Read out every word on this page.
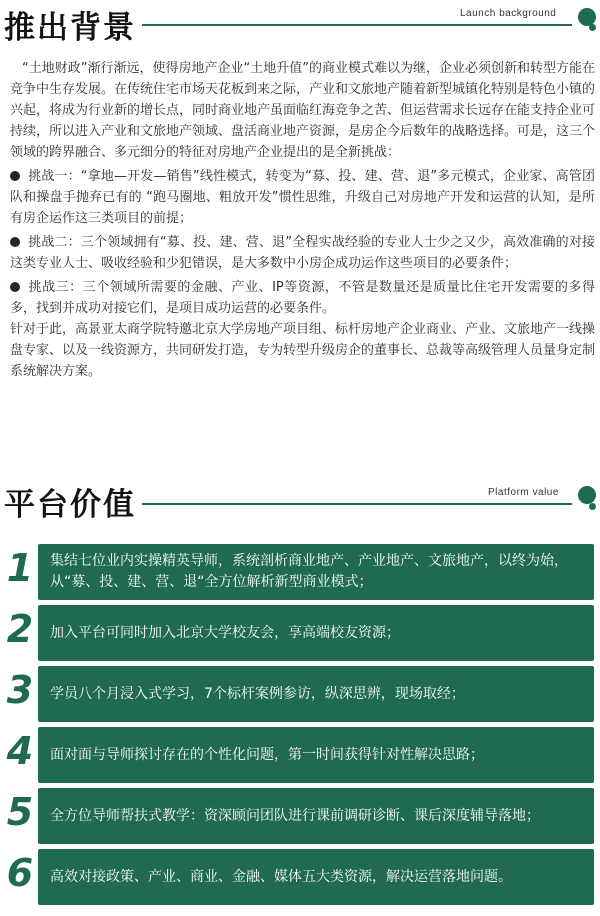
推出背景	Launch background

“土地财政”渐行渐远，使得房地产企业“土地升值”的商业模式难以为继，企业必须创新和转型方能在竞争中生存发展。在传统住宅市场天花板到来之际，产业和文旅地产随着新型城镇化特别是特色小镇的兴起，将成为行业新的增长点，同时商业地产虽面临红海竞争之苦、但运营需求长远存在能支持企业可持续，所以进入产业和文旅地产领域、盘活商业地产资源，是房企今后数年的战略选择。可是，这三个领域的跨界融合、多元细分的特征对房地产企业提出的是全新挑战：

挑战一：“拿地—开发—销售”线性模式，转变为“募、投、建、营、退”多元模式，企业家、高管团队和操盘手抛弃已有的 “跑马圈地、粗放开发”惯性思维，升级自己对房地产开发和运营的认知，是所有房企运作这三类项目的前提；

挑战二：三个领域拥有“募、投、建、营、退”全程实战经验的专业人士少之又少，高效准确的对接这类专业人士、吸收经验和少犯错误，是大多数中小房企成功运作这些项目的必要条件；

挑战三：三个领域所需要的金融、产业、IP等资源，不管是数量还是质量比住宅开发需要的多得多，找到并成功对接它们，是项目成功运营的必要条件。

针对于此，高景亚太商学院特邀北京大学房地产项目组、标杆房地产企业商业、产业、文旅地产一线操盘专家、以及一线资源方，共同研发打造，专为转型升级房企的董事长、总裁等高级管理人员量身定制系统解决方案。

平台价值	Platform value
1	集结七位业内实操精英导师，系统剖析商业地产、产业地产、文旅地产，以终为始，从“募、投、建、营、退“全方位解析新型商业模式；
2	加入平台可同时加入北京大学校友会，享高端校友资源；
3	学员八个月浸入式学习，7个标杆案例参访，纵深思辨，现场取经；
4	面对面与导师探讨存在的个性化问题，第一时间获得针对性解决思路；
5	全方位导师帮扶式教学：资深顾问团队进行课前调研诊断、课后深度辅导落地；
6	高效对接政策、产业、商业、金融、媒体五大类资源，解决运营落地问题。
